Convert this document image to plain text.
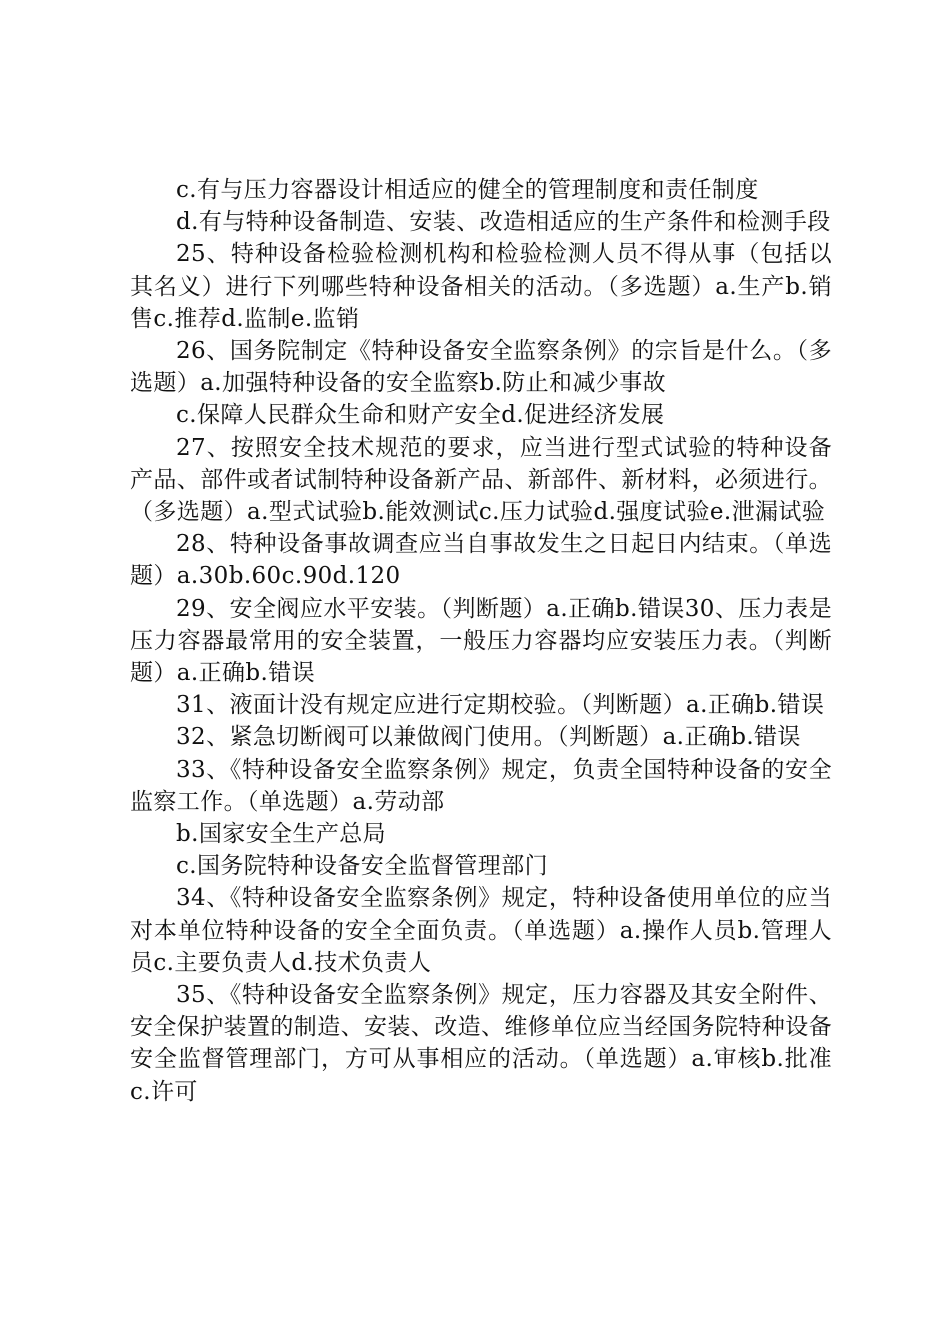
c.有与压力容器设计相适应的健全的管理制度和责任制度

d.有与特种设备制造、安装、改造相适应的生产条件和检测手段

25、特种设备检验检测机构和检验检测人员不得从事（包括以其名义）进行下列哪些特种设备相关的活动。（多选题）a.生产b.销售c.推荐d.监制e.监销

26、国务院制定《特种设备安全监察条例》的宗旨是什么。（多选题）a.加强特种设备的安全监察b.防止和减少事故

c.保障人民群众生命和财产安全d.促进经济发展

27、按照安全技术规范的要求，应当进行型式试验的特种设备产品、部件或者试制特种设备新产品、新部件、新材料，必须进行。（多选题）a.型式试验b.能效测试c.压力试验d.强度试验e.泄漏试验

28、特种设备事故调查应当自事故发生之日起日内结束。（单选题）a.30b.60c.90d.120

29、安全阀应水平安装。（判断题）a.正确b.错误30、压力表是压力容器最常用的安全装置，一般压力容器均应安装压力表。（判断题）a.正确b.错误

31、液面计没有规定应进行定期校验。（判断题）a.正确b.错误

32、紧急切断阀可以兼做阀门使用。（判断题）a.正确b.错误

33、《特种设备安全监察条例》规定，负责全国特种设备的安全监察工作。（单选题）a.劳动部

b.国家安全生产总局

c.国务院特种设备安全监督管理部门

34、《特种设备安全监察条例》规定，特种设备使用单位的应当对本单位特种设备的安全全面负责。（单选题）a.操作人员b.管理人员c.主要负责人d.技术负责人

35、《特种设备安全监察条例》规定，压力容器及其安全附件、安全保护装置的制造、安装、改造、维修单位应当经国务院特种设备安全监督管理部门，方可从事相应的活动。（单选题）a.审核b.批准c.许可
